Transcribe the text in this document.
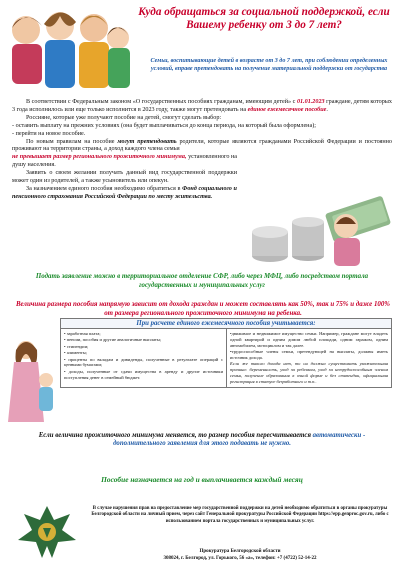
Куда обращаться за социальной поддержкой, если Вашему ребенку от 3 до 7 лет?
Семьи, воспитывающие детей в возрасте от 3 до 7 лет, при соблюдении определенных условий, вправе претендовать на получение материальной поддержки от государства

В соответствии с Федеральным законом «О государственных пособиях гражданам, имеющим детей» с 01.01.2023 граждане, детям которых 3 года исполнилось или еще только исполнится в 2023 году, также могут претендовать на единое ежемесячное пособие.

Россияне, которые уже получают пособие на детей, смогут сделать выбор:

- оставить выплату на прежних условиях (она будет выплачиваться до конца периода, на который была оформлена);

- перейти на новое пособие.

По новым правилам на пособие могут претендовать родители, которые являются гражданами Российской Федерации и постоянно проживают на территории страны, а доход каждого члена семьи

не превышает размер регионального прожиточного минимума, установленного на душу населения.

Заявить о своем желании получать данный вид государственной поддержки может один из родителей, а также усыновитель или опекун.

За назначением единого пособия необходимо обратиться в Фонд социального и пенсионного страхования Российской Федерации по месту жительства.

Подать заявление можно в территориальное отделение СФР, либо через МФЦ, либо посредством портала государственных и муниципальных услуг
Величина размера пособия напрямую зависит от дохода граждан и может составлять как 50%, так и 75% и даже 100% от размера регионального прожиточного минимума на ребенка.
При расчете единого ежемесячного пособия учитывается:
• заработная плата;
• пенсии, пособия и другие аналогичные выплаты;
• стипендии;
• алименты;
• проценты по вкладам и дивиденды, полученные в результате операций с ценными бумагами;
• доходы, полученные от сдачи имущества в аренду и другие источники поступления денег в семейный бюджет.
•движимое и недвижимое имущество семьи. Например, граждане могут владеть одной квартирой и одним домом любой площади, одним гаражом, одним автомобилем, мотоциклом и так далее.
•трудоспособные члены семьи, претендующей на выплаты, должны иметь источник дохода.
Если же такого дохода нет, то он должна существовать уважительная причина: беременность, уход за ребенком, уход за нетрудоспособным членом семьи, получение образования в очной форме и без стипендии, официальная регистрация в статусе безработного и т.п..
Если величина прожиточного минимума меняется, то размер пособия пересчитывается автоматически - дополнительного заявления для этого подавать не нужно.
Пособие назначается на год и выплачивается каждый месяц
В случае нарушения прав на предоставление мер государственной поддержки на детей необходимо обратиться в органы прокуратуры Белгородской области на личный прием, через сайт Генеральной прокуратуры Российской Федерации https://epp.genproc.gov.ru, либо с использованием портала государственных и муниципальных услуг.
Прокуратура Белгородской области
308024, г. Белгород, ул. Горького, 56 «а», телефон: +7 (4722) 52-14-22
